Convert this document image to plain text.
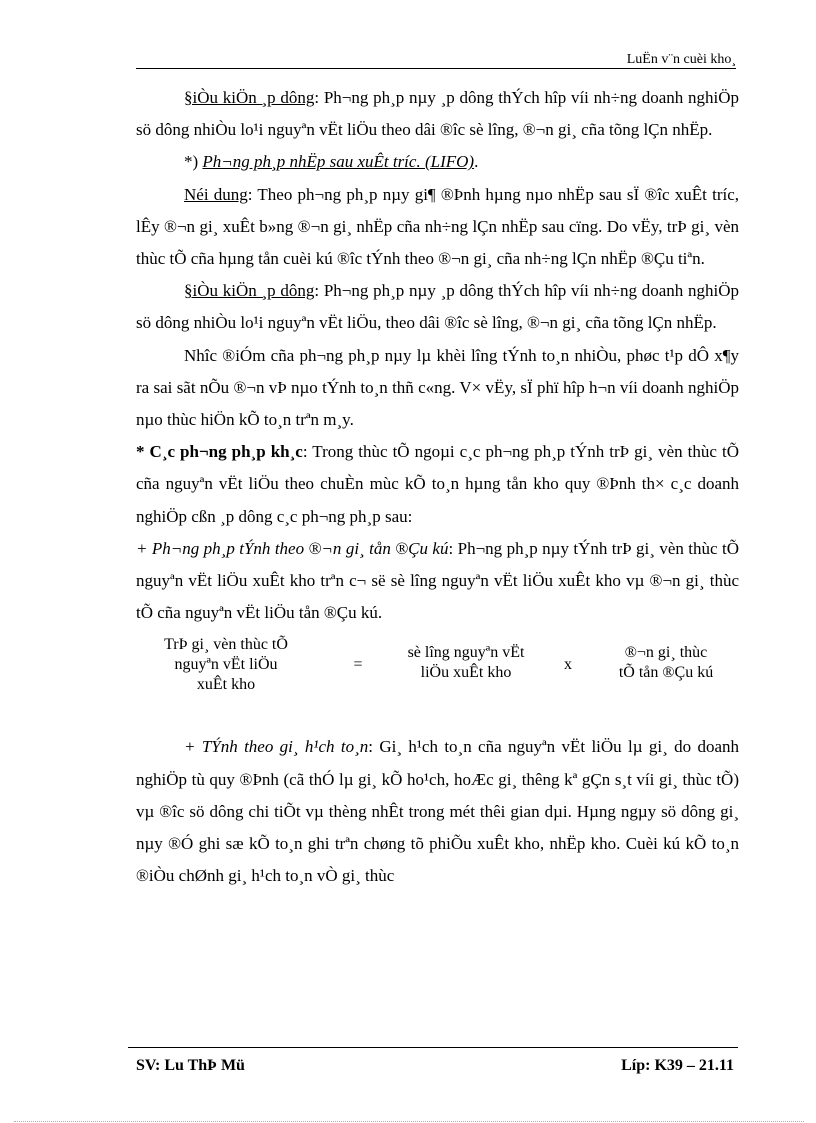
LuËn v¨n cuèi kho¸

§iÒu kiÖn ¸p dông: Ph¬ng ph¸p nµy ¸p dông thÝch hîp víi nh÷ng doanh nghiÖp sö dông nhiÒu lo¹i nguyªn vËt liÖu theo dâi ®îc sè lîng, ®¬n gi¸ cña tõng lÇn nhËp.

*) Ph¬ng ph¸p nhËp sau xuÊt tríc. (LIFO).

Néi dung: Theo ph¬ng ph¸p nµy gi¶ ®Þnh hµng nµo nhËp sau sÏ ®îc xuÊt tríc, lÊy ®¬n gi¸ xuÊt b»ng ®¬n gi¸ nhËp cña nh÷ng lÇn nhËp sau cïng. Do vËy, trÞ gi¸ vèn thùc tÕ cña hµng tån cuèi kú ®îc tÝnh theo ®¬n gi¸ cña nh÷ng lÇn nhËp ®Çu tiªn.

§iÒu kiÖn ¸p dông: Ph¬ng ph¸p nµy ¸p dông thÝch hîp víi nh÷ng doanh nghiÖp sö dông nhiÒu lo¹i nguyªn vËt liÖu, theo dâi ®îc sè lîng, ®¬n gi¸ cña tõng lÇn nhËp.

Nhîc ®iÓm cña ph¬ng ph¸p nµy lµ khèi lîng tÝnh to¸n nhiÒu, phøc t¹p dÔ x¶y ra sai sãt nÕu ®¬n vÞ nµo tÝnh to¸n thñ c«ng. V× vËy, sÏ phï hîp h¬n víi doanh nghiÖp nµo thùc hiÖn kÕ to¸n trªn m¸y.

* C¸c ph¬ng ph¸p kh¸c: Trong thùc tÕ ngoµi c¸c ph¬ng ph¸p tÝnh trÞ gi¸ vèn thùc tÕ cña nguyªn vËt liÖu theo chuÈn mùc kÕ to¸n hµng tån kho quy ®Þnh th× c¸c doanh nghiÖp cßn ¸p dông c¸c ph¬ng ph¸p sau:

+ Ph¬ng ph¸p tÝnh theo ®¬n gi¸ tån ®Çu kú: Ph¬ng ph¸p nµy tÝnh trÞ gi¸ vèn thùc tÕ nguyªn vËt liÖu xuÊt kho trªn c¬ së sè lîng nguyªn vËt liÖu xuÊt kho vµ ®¬n gi¸ thùc tÕ cña nguyªn vËt liÖu tån ®Çu kú.

TrÞ gi¸ vèn thùc tÕ
nguyªn vËt liÖu
xuÊt kho
=
sè lîng nguyªn vËt
liÖu xuÊt kho	x
®¬n gi¸ thùc
tÕ tån ®Çu kú

+ TÝnh theo gi¸ h¹ch to¸n: Gi¸ h¹ch to¸n cña nguyªn vËt liÖu lµ gi¸ do doanh nghiÖp tù quy ®Þnh (cã thÓ lµ gi¸ kÕ ho¹ch, hoÆc gi¸ thêng kª gÇn s¸t víi gi¸ thùc tÕ) vµ ®îc sö dông chi tiÕt vµ thèng nhÊt trong mét thêi gian dµi. Hµng ngµy sö dông gi¸ nµy ®Ó ghi sæ kÕ to¸n ghi trªn chøng tõ phiÕu xuÊt kho, nhËp kho. Cuèi kú kÕ to¸n ®iÒu chØnh gi¸ h¹ch to¸n vÒ gi¸ thùc

SV: Lu ThÞ Mü	Líp: K39 – 21.11
